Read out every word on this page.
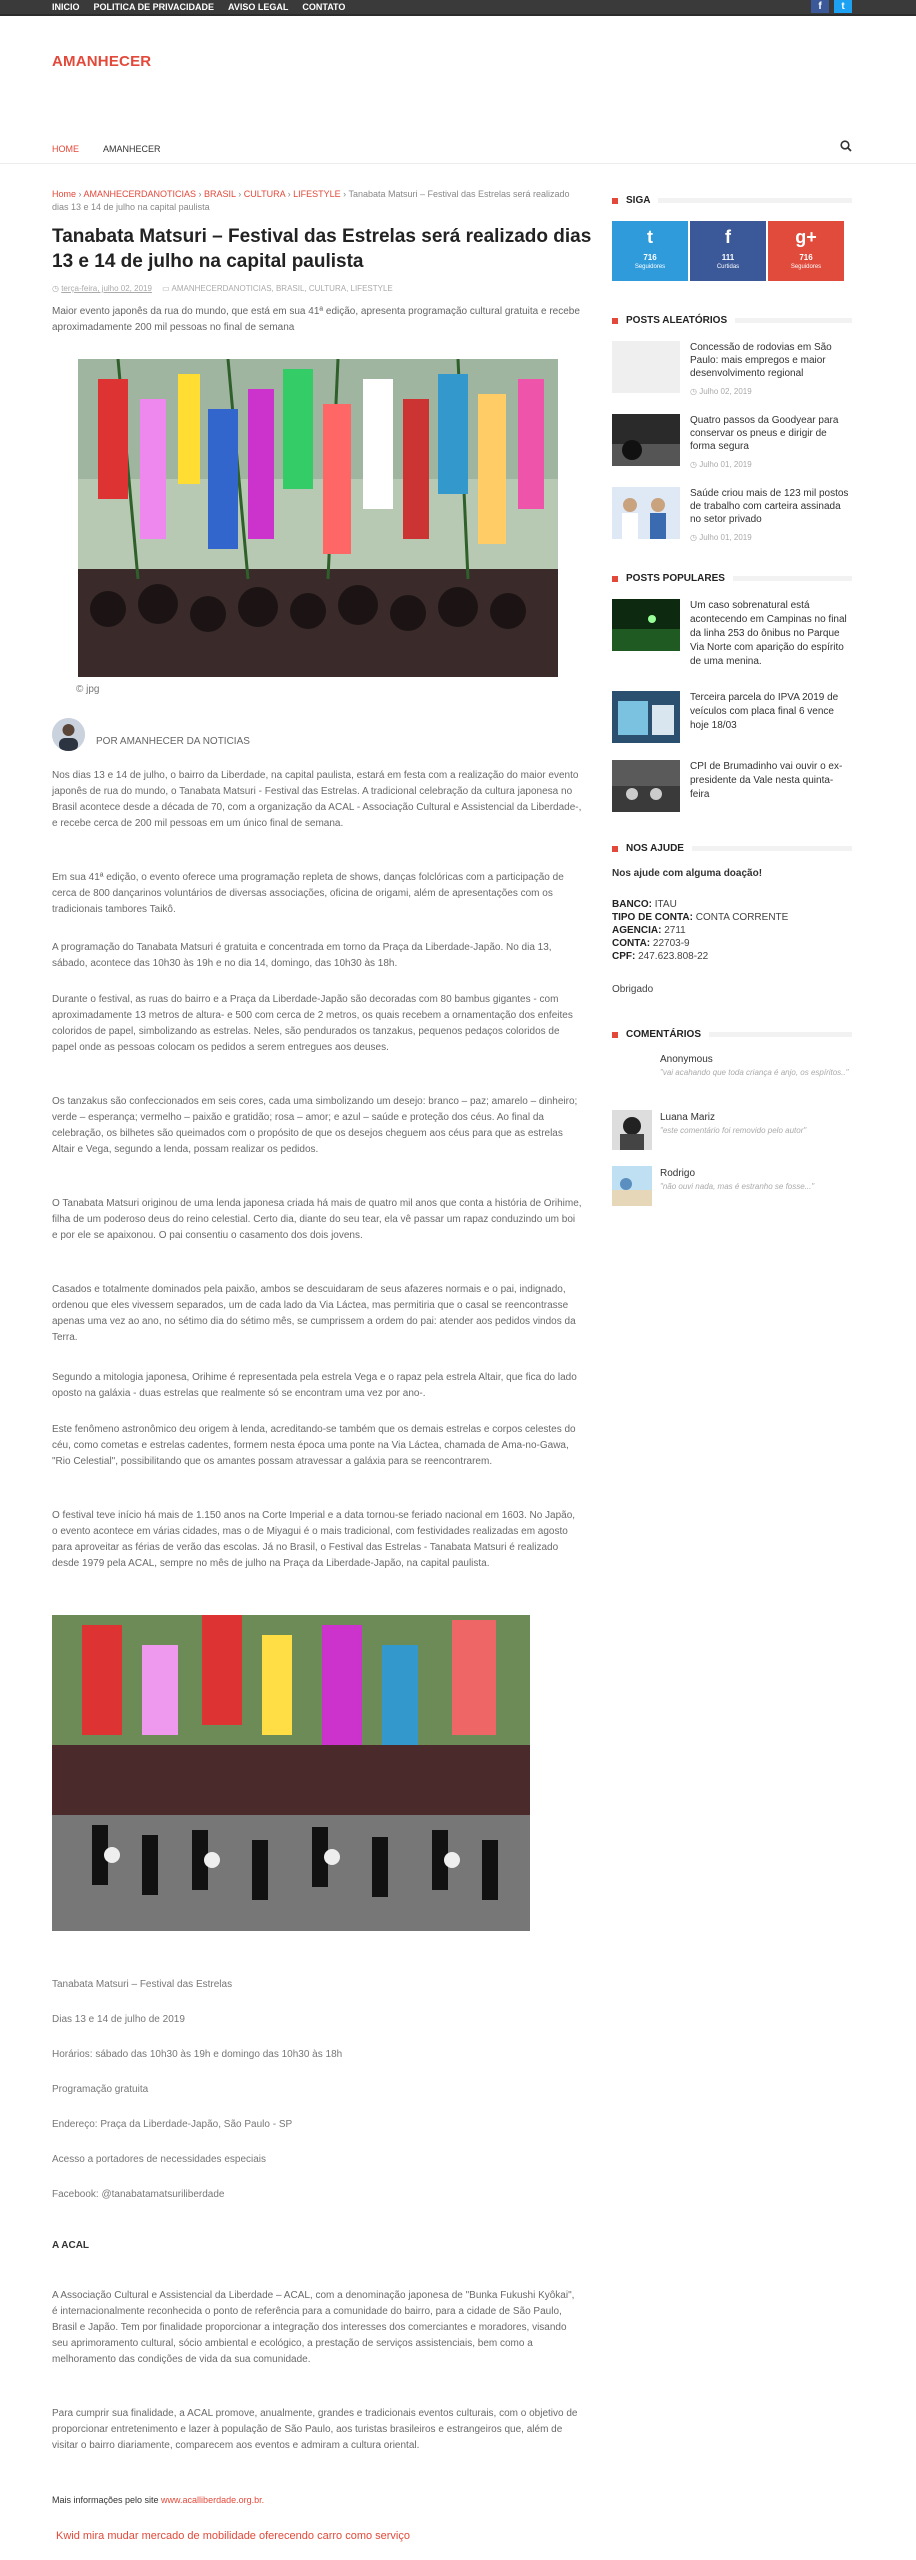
INICIO POLITICA DE PRIVACIDADE AVISO LEGAL CONTATO	f	t
AMANHECER
HOME	AMANHECER
Home › AMANHECERDANOTICIAS › BRASIL › CULTURA › LIFESTYLE › Tanabata Matsuri – Festival das Estrelas será realizado dias 13 e 14 de julho na capital paulista
Tanabata Matsuri – Festival das Estrelas será realizado dias 13 e 14 de julho na capital paulista
◷ terça-feira, julho 02, 2019 ▭ AMANHECERDANOTICIAS, BRASIL, CULTURA, LIFESTYLE

Maior evento japonês da rua do mundo, que está em sua 41ª edição, apresenta programação cultural gratuita e recebe aproximadamente 200 mil pessoas no final de semana

© jpg
POR AMANHECER DA NOTICIAS

Nos dias 13 e 14 de julho, o bairro da Liberdade, na capital paulista, estará em festa com a realização do maior evento japonês de rua do mundo, o Tanabata Matsuri - Festival das Estrelas. A tradicional celebração da cultura japonesa no Brasil acontece desde a década de 70, com a organização da ACAL - Associação Cultural e Assistencial da Liberdade-, e recebe cerca de 200 mil pessoas em um único final de semana.

Em sua 41ª edição, o evento oferece uma programação repleta de shows, danças folclóricas com a participação de cerca de 800 dançarinos voluntários de diversas associações, oficina de origami, além de apresentações com os tradicionais tambores Taikô.

A programação do Tanabata Matsuri é gratuita e concentrada em torno da Praça da Liberdade-Japão. No dia 13, sábado, acontece das 10h30 às 19h e no dia 14, domingo, das 10h30 às 18h.

Durante o festival, as ruas do bairro e a Praça da Liberdade-Japão são decoradas com 80 bambus gigantes - com aproximadamente 13 metros de altura- e 500 com cerca de 2 metros, os quais recebem a ornamentação dos enfeites coloridos de papel, simbolizando as estrelas. Neles, são pendurados os tanzakus, pequenos pedaços coloridos de papel onde as pessoas colocam os pedidos a serem entregues aos deuses.

Os tanzakus são confeccionados em seis cores, cada uma simbolizando um desejo: branco – paz; amarelo – dinheiro; verde – esperança; vermelho – paixão e gratidão; rosa – amor; e azul – saúde e proteção dos céus. Ao final da celebração, os bilhetes são queimados com o propósito de que os desejos cheguem aos céus para que as estrelas Altair e Vega, segundo a lenda, possam realizar os pedidos.

O Tanabata Matsuri originou de uma lenda japonesa criada há mais de quatro mil anos que conta a história de Orihime, filha de um poderoso deus do reino celestial. Certo dia, diante do seu tear, ela vê passar um rapaz conduzindo um boi e por ele se apaixonou. O pai consentiu o casamento dos dois jovens.

Casados e totalmente dominados pela paixão, ambos se descuidaram de seus afazeres normais e o pai, indignado, ordenou que eles vivessem separados, um de cada lado da Via Láctea, mas permitiria que o casal se reencontrasse apenas uma vez ao ano, no sétimo dia do sétimo mês, se cumprissem a ordem do pai: atender aos pedidos vindos da Terra.

Segundo a mitologia japonesa, Orihime é representada pela estrela Vega e o rapaz pela estrela Altair, que fica do lado oposto na galáxia - duas estrelas que realmente só se encontram uma vez por ano-.

Este fenômeno astronômico deu origem à lenda, acreditando-se também que os demais estrelas e corpos celestes do céu, como cometas e estrelas cadentes, formem nesta época uma ponte na Via Láctea, chamada de Ama-no-Gawa, "Rio Celestial", possibilitando que os amantes possam atravessar a galáxia para se reencontrarem.

O festival teve início há mais de 1.150 anos na Corte Imperial e a data tornou-se feriado nacional em 1603. No Japão, o evento acontece em várias cidades, mas o de Miyagui é o mais tradicional, com festividades realizadas em agosto para aproveitar as férias de verão das escolas. Já no Brasil, o Festival das Estrelas - Tanabata Matsuri é realizado desde 1979 pela ACAL, sempre no mês de julho na Praça da Liberdade-Japão, na capital paulista.

Tanabata Matsuri – Festival das Estrelas
Dias 13 e 14 de julho de 2019
Horários: sábado das 10h30 às 19h e domingo das 10h30 às 18h
Programação gratuita
Endereço: Praça da Liberdade-Japão, São Paulo - SP
Acesso a portadores de necessidades especiais
Facebook: @tanabatamatsuriliberdade
A ACAL

A Associação Cultural e Assistencial da Liberdade – ACAL, com a denominação japonesa de "Bunka Fukushi Kyôkai", é internacionalmente reconhecida o ponto de referência para a comunidade do bairro, para a cidade de São Paulo, Brasil e Japão. Tem por finalidade proporcionar a integração dos interesses dos comerciantes e moradores, visando seu aprimoramento cultural, sócio ambiental e ecológico, a prestação de serviços assistenciais, bem como a melhoramento das condições de vida da sua comunidade.

Para cumprir sua finalidade, a ACAL promove, anualmente, grandes e tradicionais eventos culturais, com o objetivo de proporcionar entretenimento e lazer à população de São Paulo, aos turistas brasileiros e estrangeiros que, além de visitar o bairro diariamente, comparecem aos eventos e admiram a cultura oriental.

Mais informações pelo site www.acalliberdade.org.br.
Kwid mira mudar mercado de mobilidade oferecendo carro como serviço
SIGA
t
716
Seguidores
f
111
Curtidas
g+
716
Seguidores
POSTS ALEATÓRIOS
Concessão de rodovias em São Paulo: mais empregos e maior desenvolvimento regional
◷ Julho 02, 2019
Quatro passos da Goodyear para conservar os pneus e dirigir de forma segura
◷ Julho 01, 2019
Saúde criou mais de 123 mil postos de trabalho com carteira assinada no setor privado
◷ Julho 01, 2019
POSTS POPULARES
Um caso sobrenatural está acontecendo em Campinas no final da linha 253 do ônibus no Parque Via Norte com aparição do espírito de uma menina.
Terceira parcela do IPVA 2019 de veículos com placa final 6 vence hoje 18/03
CPI de Brumadinho vai ouvir o ex-presidente da Vale nesta quinta-feira
NOS AJUDE
Nos ajude com alguma doação!
BANCO: ITAU
TIPO DE CONTA: CONTA CORRENTE
AGENCIA: 2711
CONTA: 22703-9
CPF: 247.623.808-22
Obrigado
COMENTÁRIOS
Anonymous
"vai acahando que toda criança é anjo, os espíritos.."
Luana Mariz
"este comentário foi removido pelo autor"
Rodrigo
"não ouvi nada, mas é estranho se fosse..."
